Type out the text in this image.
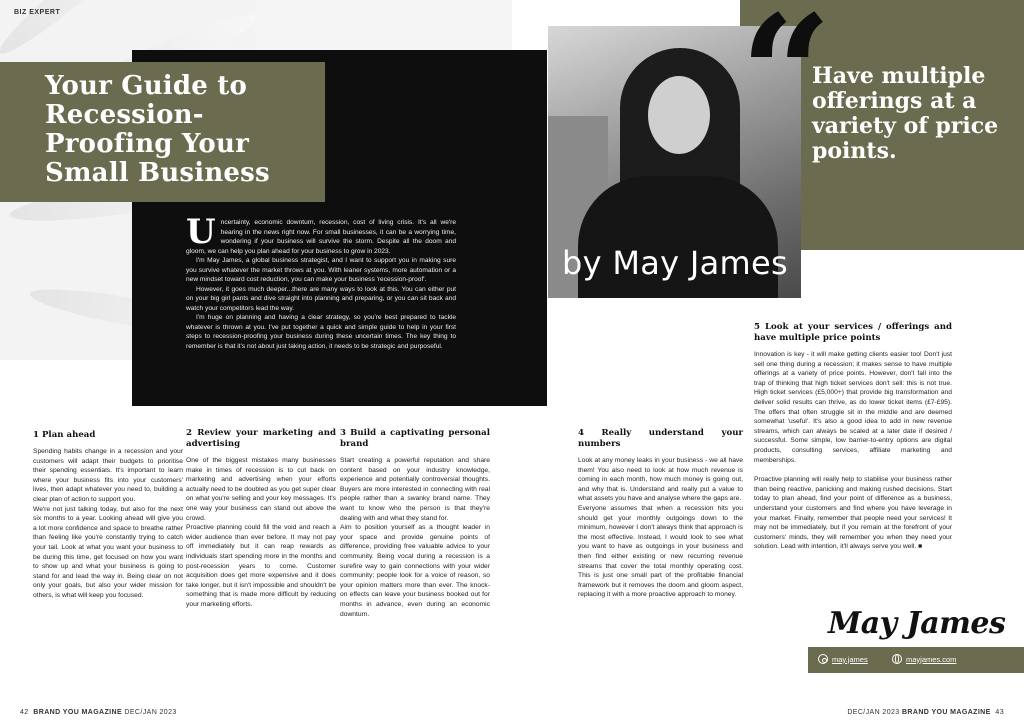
BIZ EXPERT
Your Guide to Recession-Proofing Your Small Business

Uncertainty, economic downturn, recession, cost of living crisis. It's all we're hearing in the news right now. For small businesses, it can be a worrying time, wondering if your business will survive the storm. Despite all the doom and gloom, we can help you plan ahead for your business to grow in 2023.

I'm May James, a global business strategist, and I want to support you in making sure you survive whatever the market throws at you. With leaner systems, more automation or a new mindset toward cost reduction, you can make your business 'recession-proof'.

However, it goes much deeper...there are many ways to look at this. You can either put on your big girl pants and dive straight into planning and preparing, or you can sit back and watch your competitors lead the way.

I'm huge on planning and having a clear strategy, so you're best prepared to tackle whatever is thrown at you. I've put together a quick and simple guide to help in your first steps to recession-proofing your business during these uncertain times. The key thing to remember is that it's not about just taking action, it needs to be strategic and purposeful.

1 Plan ahead

Spending habits change in a recession and your customers will adapt their budgets to prioritise their spending essentials. It's important to learn where your business fits into your customers' lives, then adapt whatever you need to, building a clear plan of action to support you.

We're not just talking today, but also for the next six months to a year. Looking ahead will give you a lot more confidence and space to breathe rather than feeling like you're constantly trying to catch your tail. Look at what you want your business to be during this time, get focused on how you want to show up and what your business is going to stand for and lead the way in. Being clear on not only your goals, but also your wider mission for others, is what will keep you focused.

2 Review your marketing and advertising

One of the biggest mistakes many businesses make in times of recession is to cut back on marketing and advertising when your efforts actually need to be doubled as you get super clear on what you're selling and your key messages. It's one way your business can stand out above the crowd.

Proactive planning could fill the void and reach a wider audience than ever before. It may not pay off immediately but it can reap rewards as individuals start spending more in the months and post-recession years to come. Customer acquisition does get more expensive and it does take longer, but it isn't impossible and shouldn't be something that is made more difficult by reducing your marketing efforts.

3 Build a captivating personal brand

Start creating a powerful reputation and share content based on your industry knowledge, experience and potentially controversial thoughts. Buyers are more interested in connecting with real people rather than a swanky brand name. They want to know who the person is that they're dealing with and what they stand for.

Aim to position yourself as a thought leader in your space and provide genuine points of difference, providing free valuable advice to your community. Being vocal during a recession is a surefire way to gain connections with your wider community; people look for a voice of reason, so your opinion matters more than ever. The knock-on effects can leave your business booked out for months in advance, even during an economic downturn.

42 BRAND YOU MAGAZINE DEC/JAN 2023
by May James
“
Have multiple offerings at a variety of price points.
4 Really understand your numbers

Look at any money leaks in your business - we all have them! You also need to look at how much revenue is coming in each month, how much money is going out, and why that is. Understand and really put a value to what assets you have and analyse where the gaps are.

Everyone assumes that when a recession hits you should get your monthly outgoings down to the minimum, however I don't always think that approach is the most effective. Instead, I would look to see what you want to have as outgoings in your business and then find either existing or new recurring revenue streams that cover the total monthly operating cost. This is just one small part of the profitable financial framework but it removes the doom and gloom aspect, replacing it with a more proactive approach to money.

5 Look at your services / offerings and have multiple price points

Innovation is key - it will make getting clients easier too! Don't just sell one thing during a recession; it makes sense to have multiple offerings at a variety of price points. However, don't fall into the trap of thinking that high ticket services don't sell: this is not true. High ticket services (£5,000+) that provide big transformation and deliver solid results can thrive, as do lower ticket items (£7-£95). The offers that often struggle sit in the middle and are deemed somewhat 'useful'. It's also a good idea to add in new revenue streams, which can always be scaled at a later date if desired / successful. Some simple, low barrier-to-entry options are digital products, consulting services, affiliate marketing and memberships.

Proactive planning will really help to stabilise your business rather than being reactive, panicking and making rushed decisions. Start today to plan ahead, find your point of difference as a business, understand your customers and find where you have leverage in your market. Finally, remember that people need your services! It may not be immediately, but if you remain at the forefront of your customers' minds, they will remember you when they need your solution. Lead with intention, it'll always serve you well. ■

May James
may.james	mayjames.com
DEC/JAN 2023 BRAND YOU MAGAZINE 43
